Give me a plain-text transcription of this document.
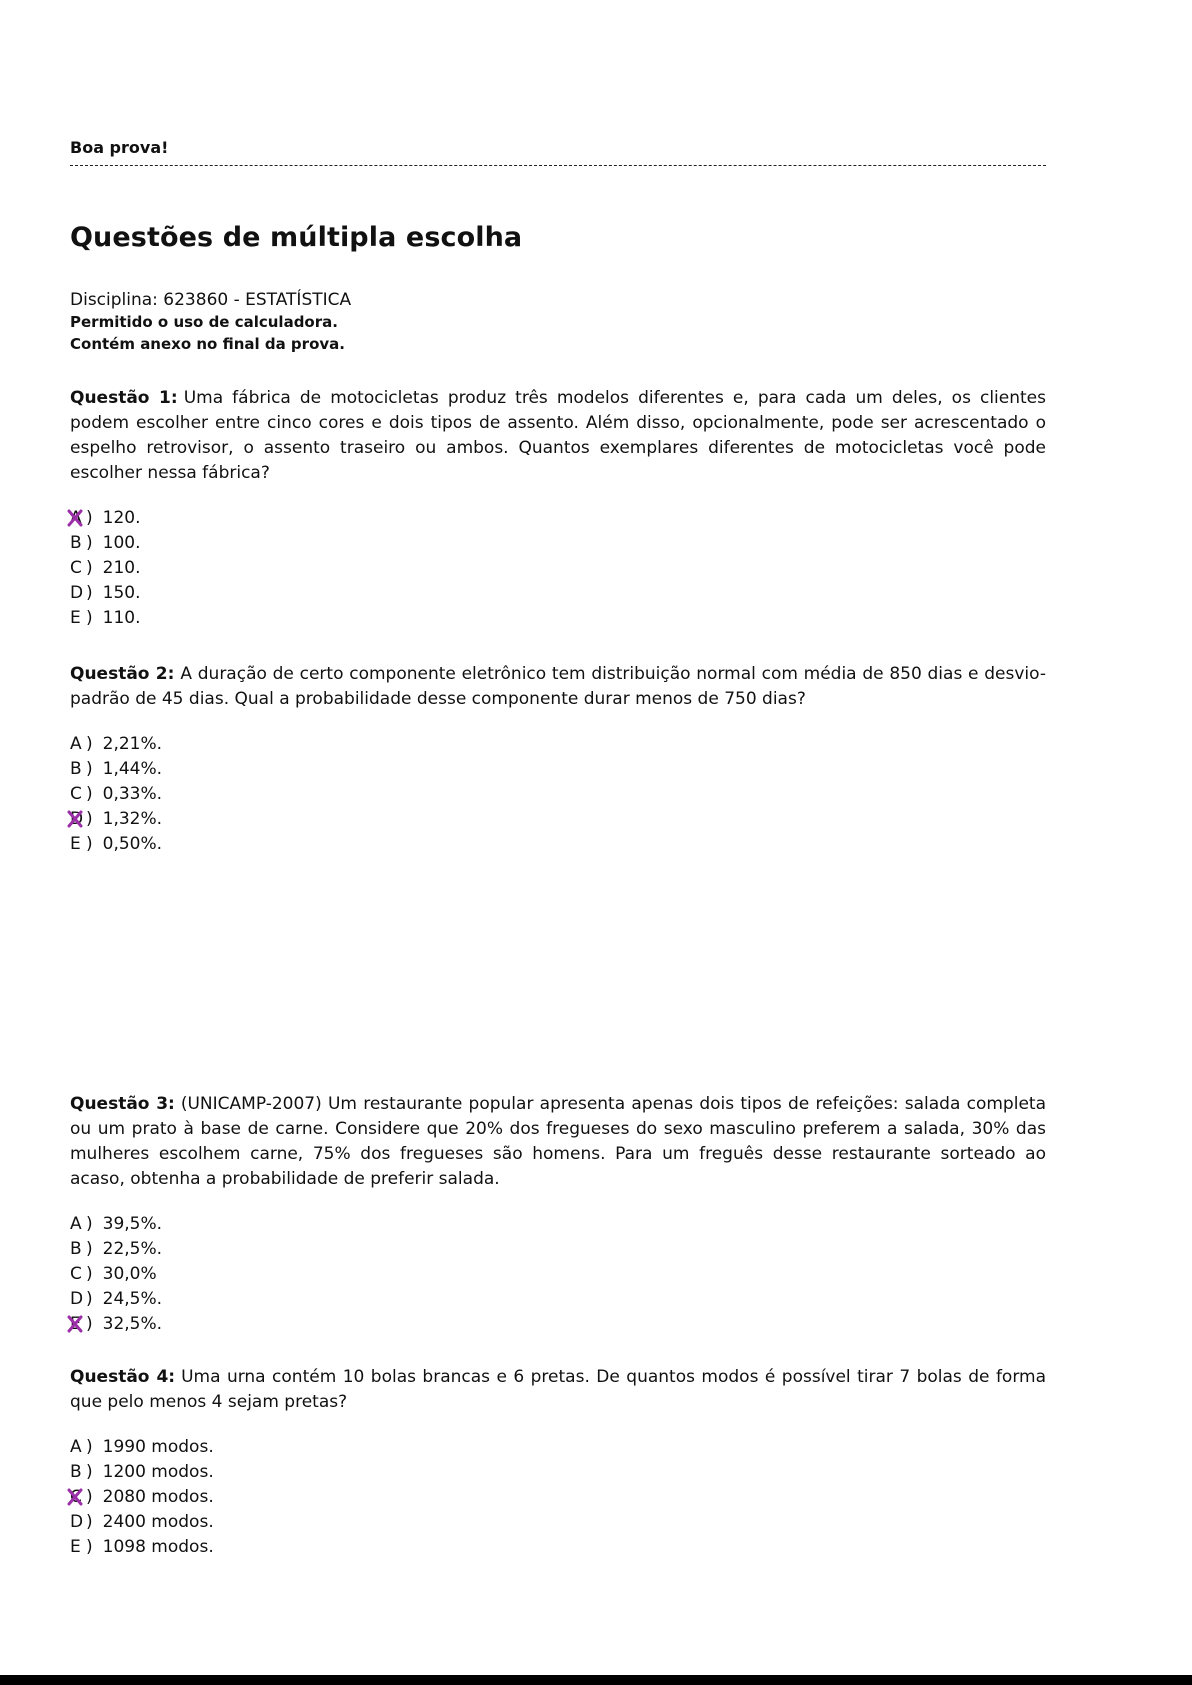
Boa prova!

Questões de múltipla escolha
Disciplina: 623860 - ESTATÍSTICA
Permitido o uso de calculadora.
Contém anexo no final da prova.

Questão 1: Uma fábrica de motocicletas produz três modelos diferentes e, para cada um deles, os clientes podem escolher entre cinco cores e dois tipos de assento. Além disso, opcionalmente, pode ser acrescentado o espelho retrovisor, o assento traseiro ou ambos. Quantos exemplares diferentes de motocicletas você pode escolher nessa fábrica?

A ) 120.
B ) 100.
C ) 210.
D ) 150.
E ) 110.

Questão 2: A duração de certo componente eletrônico tem distribuição normal com média de 850 dias e desvio-padrão de 45 dias. Qual a probabilidade desse componente durar menos de 750 dias?

A ) 2,21%.
B ) 1,44%.
C ) 0,33%.
D ) 1,32%.
E ) 0,50%.

Questão 3: (UNICAMP-2007) Um restaurante popular apresenta apenas dois tipos de refeições: salada completa ou um prato à base de carne. Considere que 20% dos fregueses do sexo masculino preferem a salada, 30% das mulheres escolhem carne, 75% dos fregueses são homens. Para um freguês desse restaurante sorteado ao acaso, obtenha a probabilidade de preferir salada.

A ) 39,5%.
B ) 22,5%.
C ) 30,0%
D ) 24,5%.
E ) 32,5%.

Questão 4: Uma urna contém 10 bolas brancas e 6 pretas. De quantos modos é possível tirar 7 bolas de forma que pelo menos 4 sejam pretas?

A ) 1990 modos.
B ) 1200 modos.
C ) 2080 modos.
D ) 2400 modos.
E ) 1098 modos.
